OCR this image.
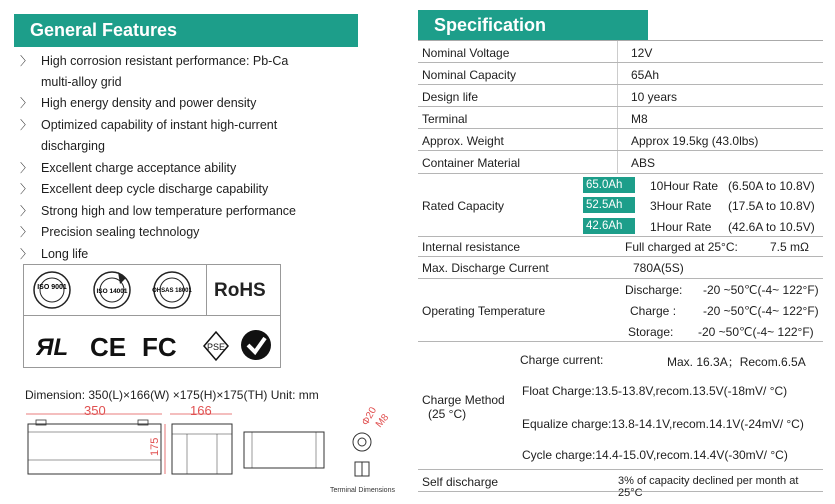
General Features
〉 High corrosion resistant performance: Pb-Ca
multi-alloy grid
〉 High energy density and power density
〉 Optimized capability of instant high-current
discharging
〉 Excellent charge acceptance ability
〉 Excellent deep cycle discharge capability
〉 Strong high and low temperature performance
〉 Precision sealing technology
〉 Long life
ISO 9001
ISO 14001	OHSAS 18001 RoHS
ЯL CE FC	PSE
Dimension: 350(L)×166(W) ×175(H)×175(TH) Unit: mm
350	166
175
Φ20
M8
Terminal Dimensions
Specification
Nominal Voltage	12V
Nominal Capacity	65Ah
Design life	10 years
Terminal	M8
Approx. Weight	Approx 19.5kg (43.0lbs)
Container Material	ABS
Rated Capacity
65.0Ah	10Hour Rate (6.50A to 10.8V)
52.5Ah	3Hour Rate (17.5A to 10.8V)
42.6Ah	1Hour Rate (42.6A to 10.5V)
Internal resistance	Full charged at 25°C:	7.5 mΩ
Max. Discharge Current	780A(5S)
Operating Temperature
Discharge: -20 ~50℃(-4~ 122°F)
Charge : -20 ~50℃(-4~ 122°F)
Storage: -20 ~50℃(-4~ 122°F)
Charge Method
(25 °C)
Charge current:	Max. 16.3A；Recom.6.5A
Float Charge:13.5-13.8V,recom.13.5V(-18mV/ °C)
Equalize charge:13.8-14.1V,recom.14.1V(-24mV/ °C)
Cycle charge:14.4-15.0V,recom.14.4V(-30mV/ °C)
Self discharge	3% of capacity declined per month at 25°C
